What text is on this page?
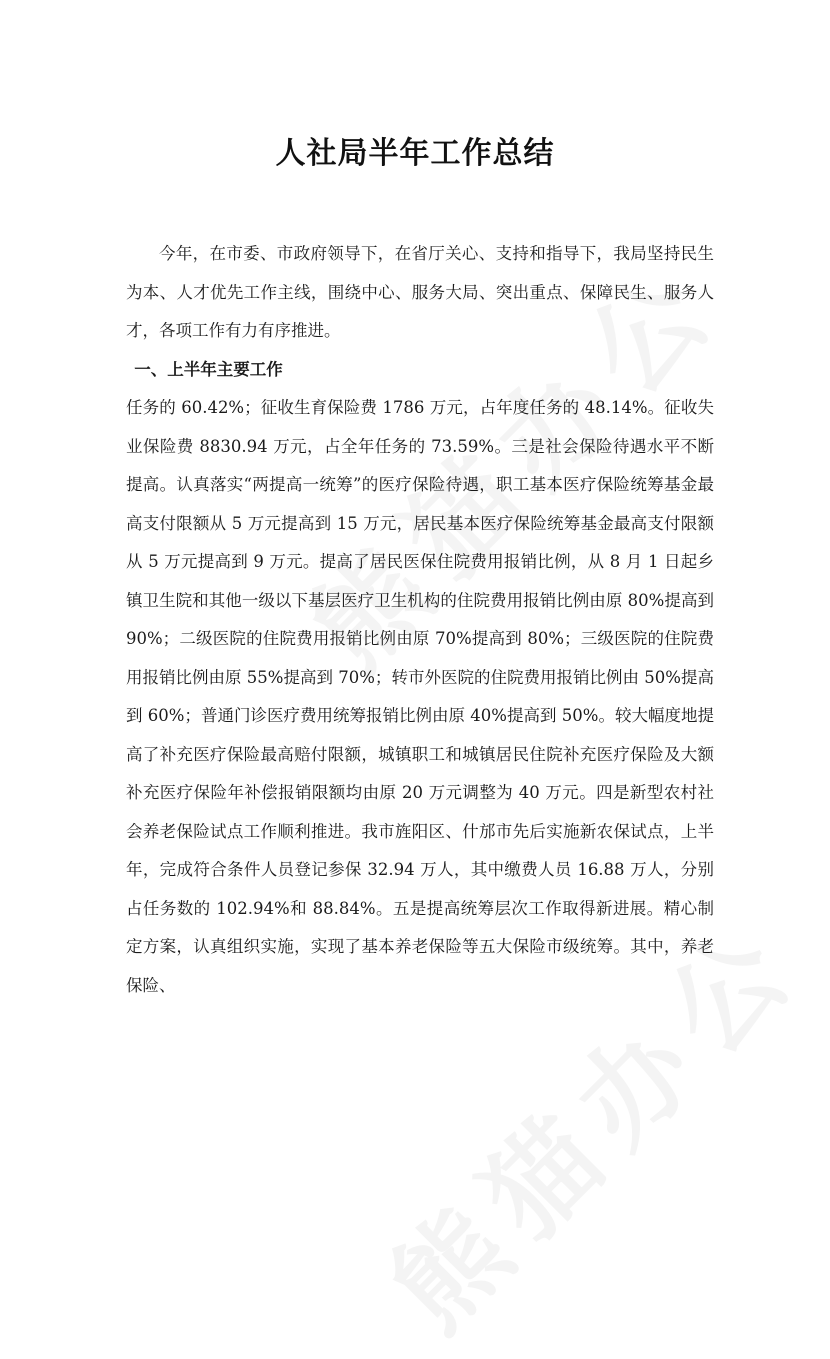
人社局半年工作总结

今年，在市委、市政府领导下，在省厅关心、支持和指导下，我局坚持民生为本、人才优先工作主线，围绕中心、服务大局、突出重点、保障民生、服务人才，各项工作有力有序推进。

一、上半年主要工作

任务的 60.42%；征收生育保险费 1786 万元，占年度任务的 48.14%。征收失业保险费 8830.94 万元，占全年任务的 73.59%。三是社会保险待遇水平不断提高。认真落实“两提高一统筹”的医疗保险待遇，职工基本医疗保险统筹基金最高支付限额从 5 万元提高到 15 万元，居民基本医疗保险统筹基金最高支付限额从 5 万元提高到 9 万元。提高了居民医保住院费用报销比例，从 8 月 1 日起乡镇卫生院和其他一级以下基层医疗卫生机构的住院费用报销比例由原 80%提高到 90%；二级医院的住院费用报销比例由原 70%提高到 80%；三级医院的住院费用报销比例由原 55%提高到 70%；转市外医院的住院费用报销比例由 50%提高到 60%；普通门诊医疗费用统筹报销比例由原 40%提高到 50%。较大幅度地提高了补充医疗保险最高赔付限额，城镇职工和城镇居民住院补充医疗保险及大额补充医疗保险年补偿报销限额均由原 20 万元调整为 40 万元。四是新型农村社会养老保险试点工作顺利推进。我市旌阳区、什邡市先后实施新农保试点，上半年，完成符合条件人员登记参保 32.94 万人，其中缴费人员 16.88 万人，分别占任务数的 102.94%和 88.84%。五是提高统筹层次工作取得新进展。精心制定方案，认真组织实施，实现了基本养老保险等五大保险市级统筹。其中，养老保险、
